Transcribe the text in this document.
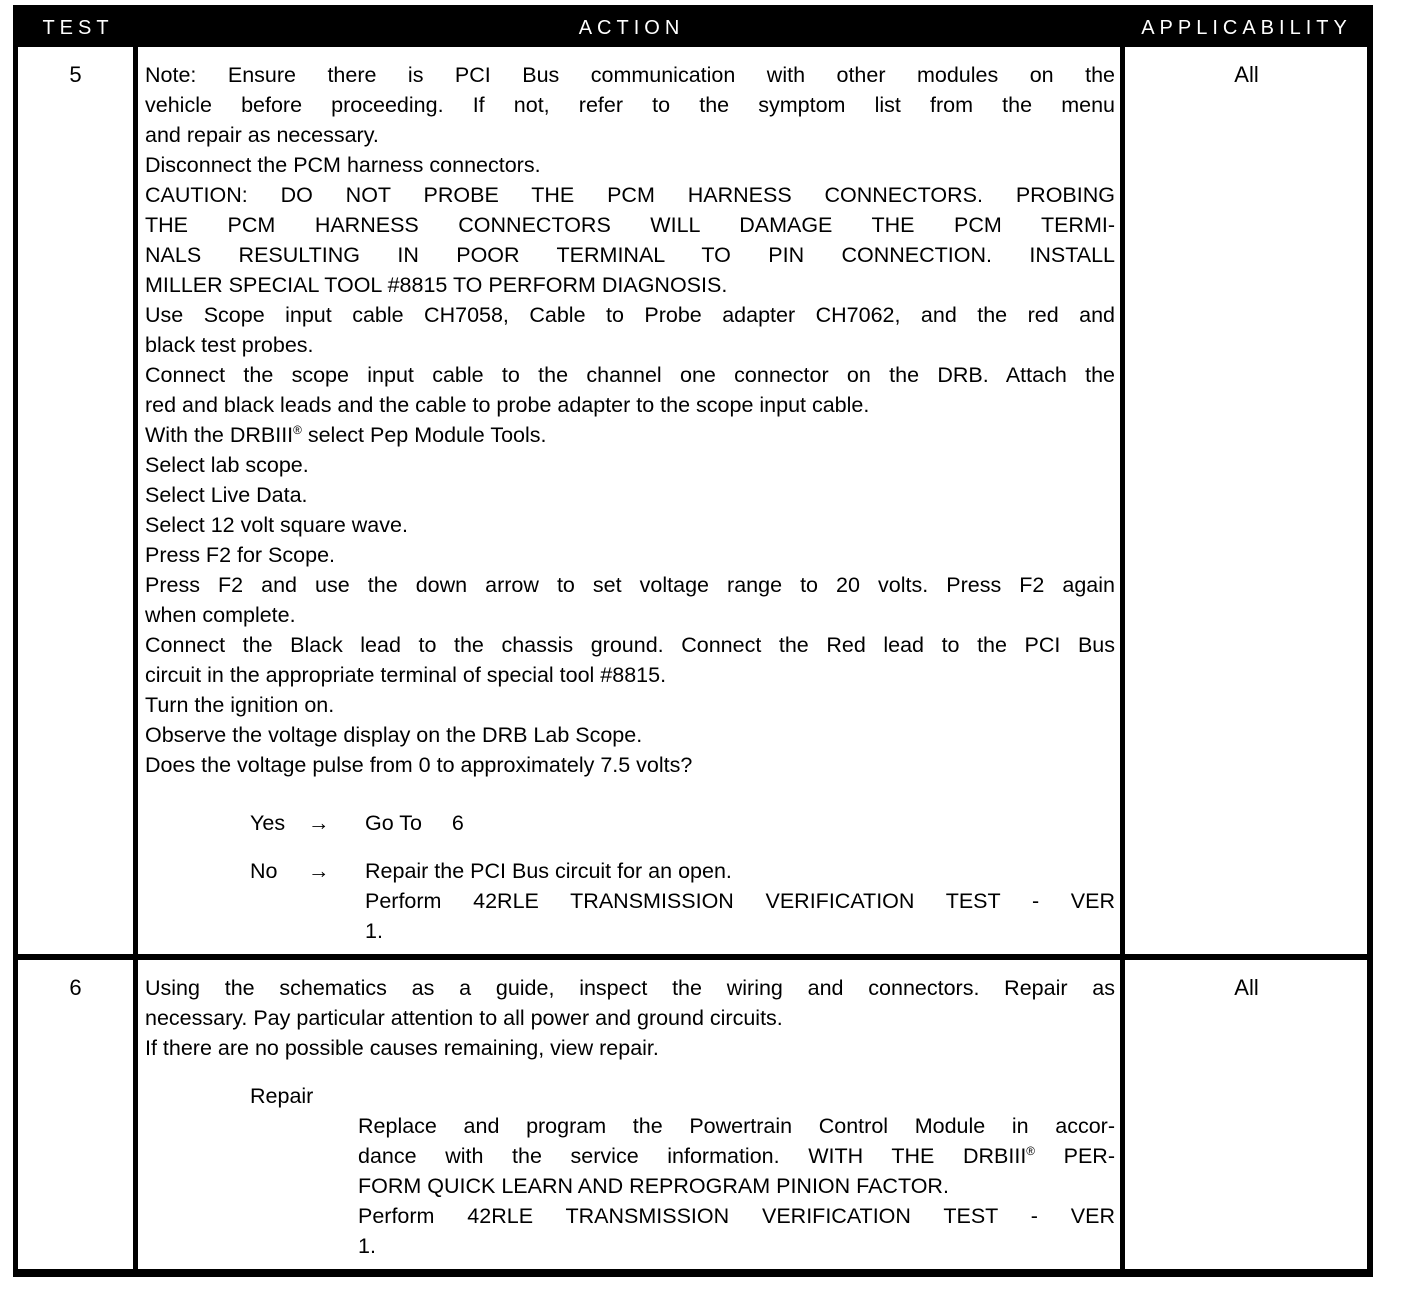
TEST	ACTION	APPLICABILITY
5	Note: Ensure there is PCI Bus communication with other modules on the
vehicle before proceeding. If not, refer to the symptom list from the menu
and repair as necessary.
Disconnect the PCM harness connectors.
CAUTION: DO NOT PROBE THE PCM HARNESS CONNECTORS. PROBING
THE PCM HARNESS CONNECTORS WILL DAMAGE THE PCM TERMI-
NALS RESULTING IN POOR TERMINAL TO PIN CONNECTION. INSTALL
MILLER SPECIAL TOOL #8815 TO PERFORM DIAGNOSIS.
Use Scope input cable CH7058, Cable to Probe adapter CH7062, and the red and
black test probes.
Connect the scope input cable to the channel one connector on the DRB. Attach the
red and black leads and the cable to probe adapter to the scope input cable.
With the DRBIII® select Pep Module Tools.
Select lab scope.
Select Live Data.
Select 12 volt square wave.
Press F2 for Scope.
Press F2 and use the down arrow to set voltage range to 20 volts. Press F2 again
when complete.
Connect the Black lead to the chassis ground. Connect the Red lead to the PCI Bus
circuit in the appropriate terminal of special tool #8815.
Turn the ignition on.
Observe the voltage display on the DRB Lab Scope.
Does the voltage pulse from 0 to approximately 7.5 volts?
Yes	→	Go To     6
No	→	Repair the PCI Bus circuit for an open.
Perform 42RLE TRANSMISSION VERIFICATION TEST - VER
1.
All
6	Using the schematics as a guide, inspect the wiring and connectors. Repair as
necessary. Pay particular attention to all power and ground circuits.
If there are no possible causes remaining, view repair.
Repair
Replace and program the Powertrain Control Module in accor-
dance with the service information. WITH THE DRBIII® PER-
FORM QUICK LEARN AND REPROGRAM PINION FACTOR.
Perform 42RLE TRANSMISSION VERIFICATION TEST - VER
1.
All
